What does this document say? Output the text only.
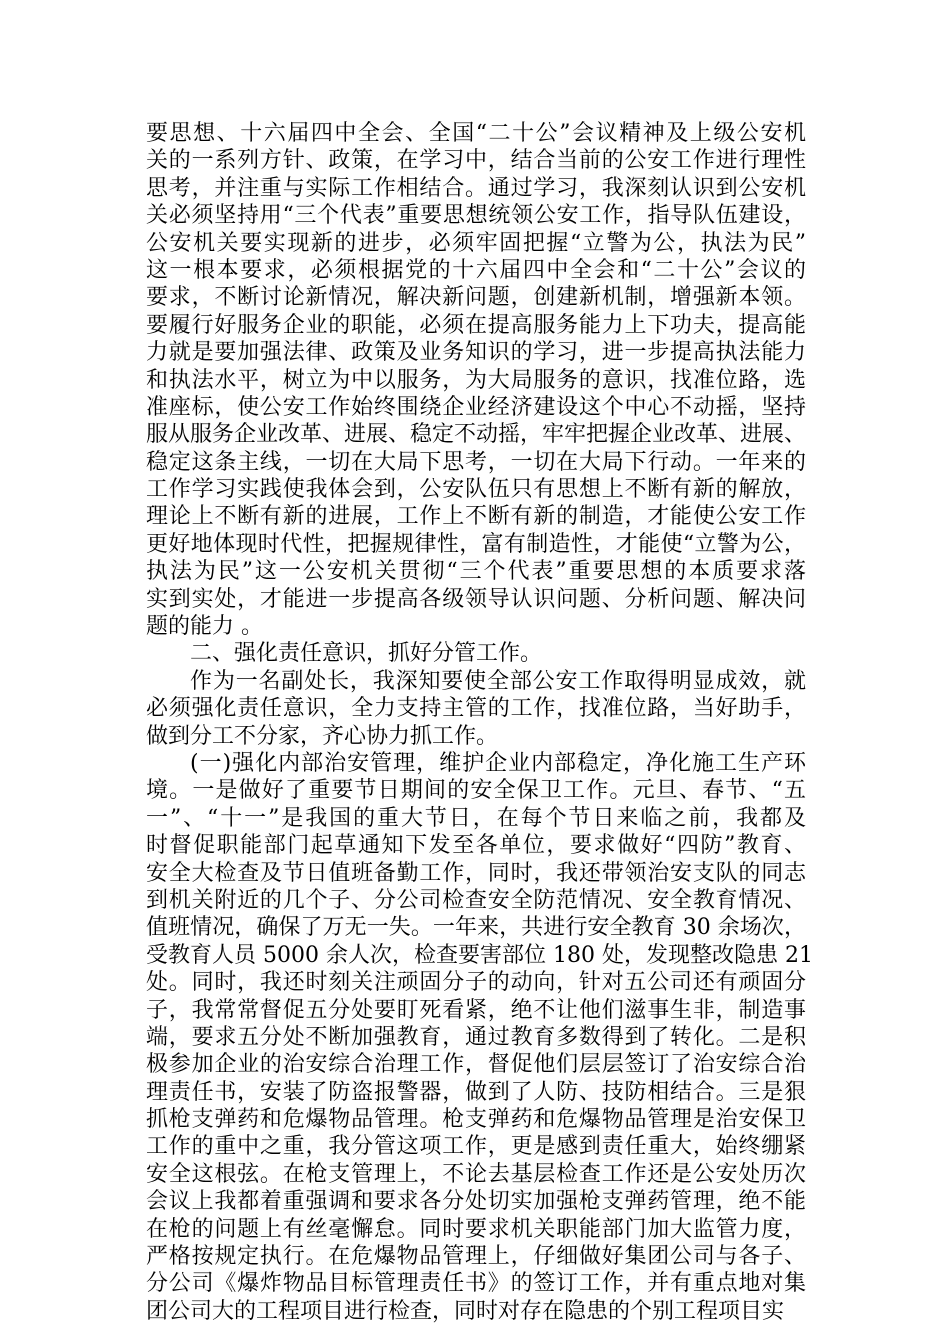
要思想、十六届四中全会、全国“二十公”会议精神及上级公安机
关的一系列方针、政策，在学习中，结合当前的公安工作进行理性
思考，并注重与实际工作相结合。通过学习，我深刻认识到公安机
关必须坚持用“三个代表”重要思想统领公安工作，指导队伍建设，
公安机关要实现新的进步，必须牢固把握“立警为公，执法为民”
这一根本要求，必须根据党的十六届四中全会和“二十公”会议的
要求，不断讨论新情况，解决新问题，创建新机制，增强新本领。
要履行好服务企业的职能，必须在提高服务能力上下功夫，提高能
力就是要加强法律、政策及业务知识的学习，进一步提高执法能力
和执法水平，树立为中以服务，为大局服务的意识，找准位路，选
准座标，使公安工作始终围绕企业经济建设这个中心不动摇，坚持
服从服务企业改革、进展、稳定不动摇，牢牢把握企业改革、进展、
稳定这条主线，一切在大局下思考，一切在大局下行动。一年来的
工作学习实践使我体会到，公安队伍只有思想上不断有新的解放，
理论上不断有新的进展，工作上不断有新的制造，才能使公安工作
更好地体现时代性，把握规律性，富有制造性，才能使“立警为公，
执法为民”这一公安机关贯彻“三个代表”重要思想的本质要求落
实到实处，才能进一步提高各级领导认识问题、分析问题、解决问
题的能力 。
二、强化责任意识，抓好分管工作。
作为一名副处长，我深知要使全部公安工作取得明显成效，就
必须强化责任意识，全力支持主管的工作，找准位路，当好助手，
做到分工不分家，齐心协力抓工作。
(一)强化内部治安管理，维护企业内部稳定，净化施工生产环
境。一是做好了重要节日期间的安全保卫工作。元旦、春节、“五
一”、“十一”是我国的重大节日，在每个节日来临之前，我都及
时督促职能部门起草通知下发至各单位，要求做好“四防”教育、
安全大检查及节日值班备勤工作，同时，我还带领治安支队的同志
到机关附近的几个子、分公司检查安全防范情况、安全教育情况、
值班情况，确保了万无一失。一年来，共进行安全教育 30 余场次，
受教育人员 5000 余人次，检查要害部位 180 处，发现整改隐患 21
处。同时，我还时刻关注顽固分子的动向，针对五公司还有顽固分
子，我常常督促五分处要盯死看紧，绝不让他们滋事生非，制造事
端，要求五分处不断加强教育，通过教育多数得到了转化。二是积
极参加企业的治安综合治理工作，督促他们层层签订了治安综合治
理责任书，安装了防盗报警器，做到了人防、技防相结合。三是狠
抓枪支弹药和危爆物品管理。枪支弹药和危爆物品管理是治安保卫
工作的重中之重，我分管这项工作，更是感到责任重大，始终绷紧
安全这根弦。在枪支管理上，不论去基层检查工作还是公安处历次
会议上我都着重强调和要求各分处切实加强枪支弹药管理，绝不能
在枪的问题上有丝毫懈怠。同时要求机关职能部门加大监管力度，
严格按规定执行。在危爆物品管理上，仔细做好集团公司与各子、
分公司《爆炸物品目标管理责任书》的签订工作，并有重点地对集
团公司大的工程项目进行检查，同时对存在隐患的个别工程项目实
